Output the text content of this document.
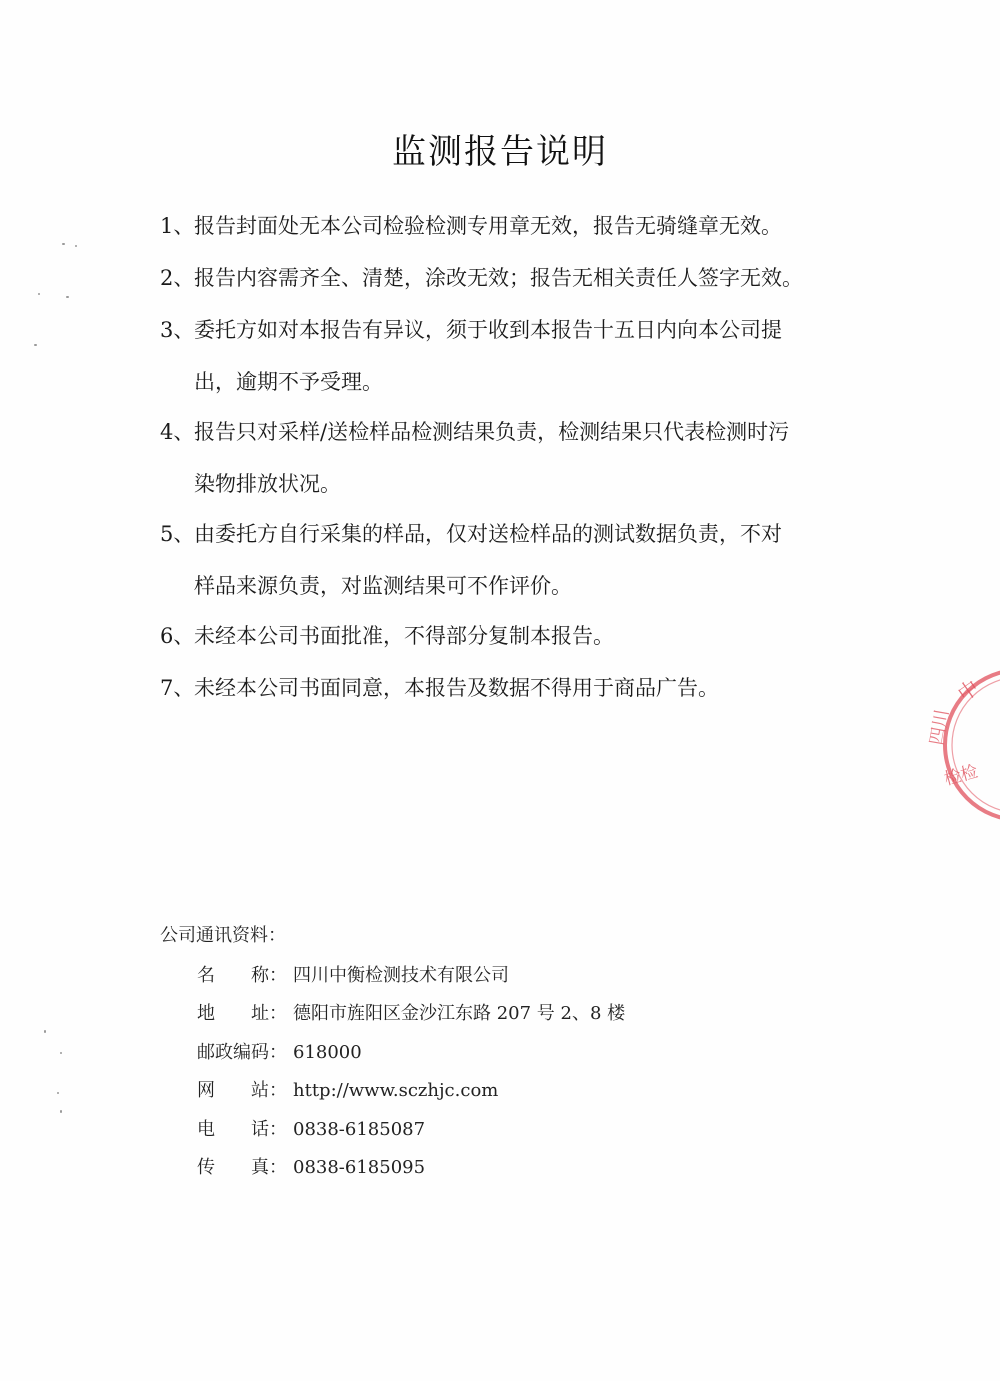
监测报告说明
1、报告封面处无本公司检验检测专用章无效，报告无骑缝章无效。
2、报告内容需齐全、清楚，涂改无效；报告无相关责任人签字无效。
3、委托方如对本报告有异议，须于收到本报告十五日内向本公司提
出，逾期不予受理。
4、报告只对采样/送检样品检测结果负责，检测结果只代表检测时污
染物排放状况。
5、由委托方自行采集的样品，仅对送检样品的测试数据负责，不对
样品来源负责，对监测结果可不作评价。
6、未经本公司书面批准，不得部分复制本报告。
7、未经本公司书面同意，本报告及数据不得用于商品广告。
公司通讯资料：
名　　称： 四川中衡检测技术有限公司
地　　址： 德阳市旌阳区金沙江东路 207 号 2、8 楼
邮政编码： 618000
网　　站： http://www.sczhjc.com
电　　话： 0838-6185087
传　　真： 0838-6185095
中
四川
检检
